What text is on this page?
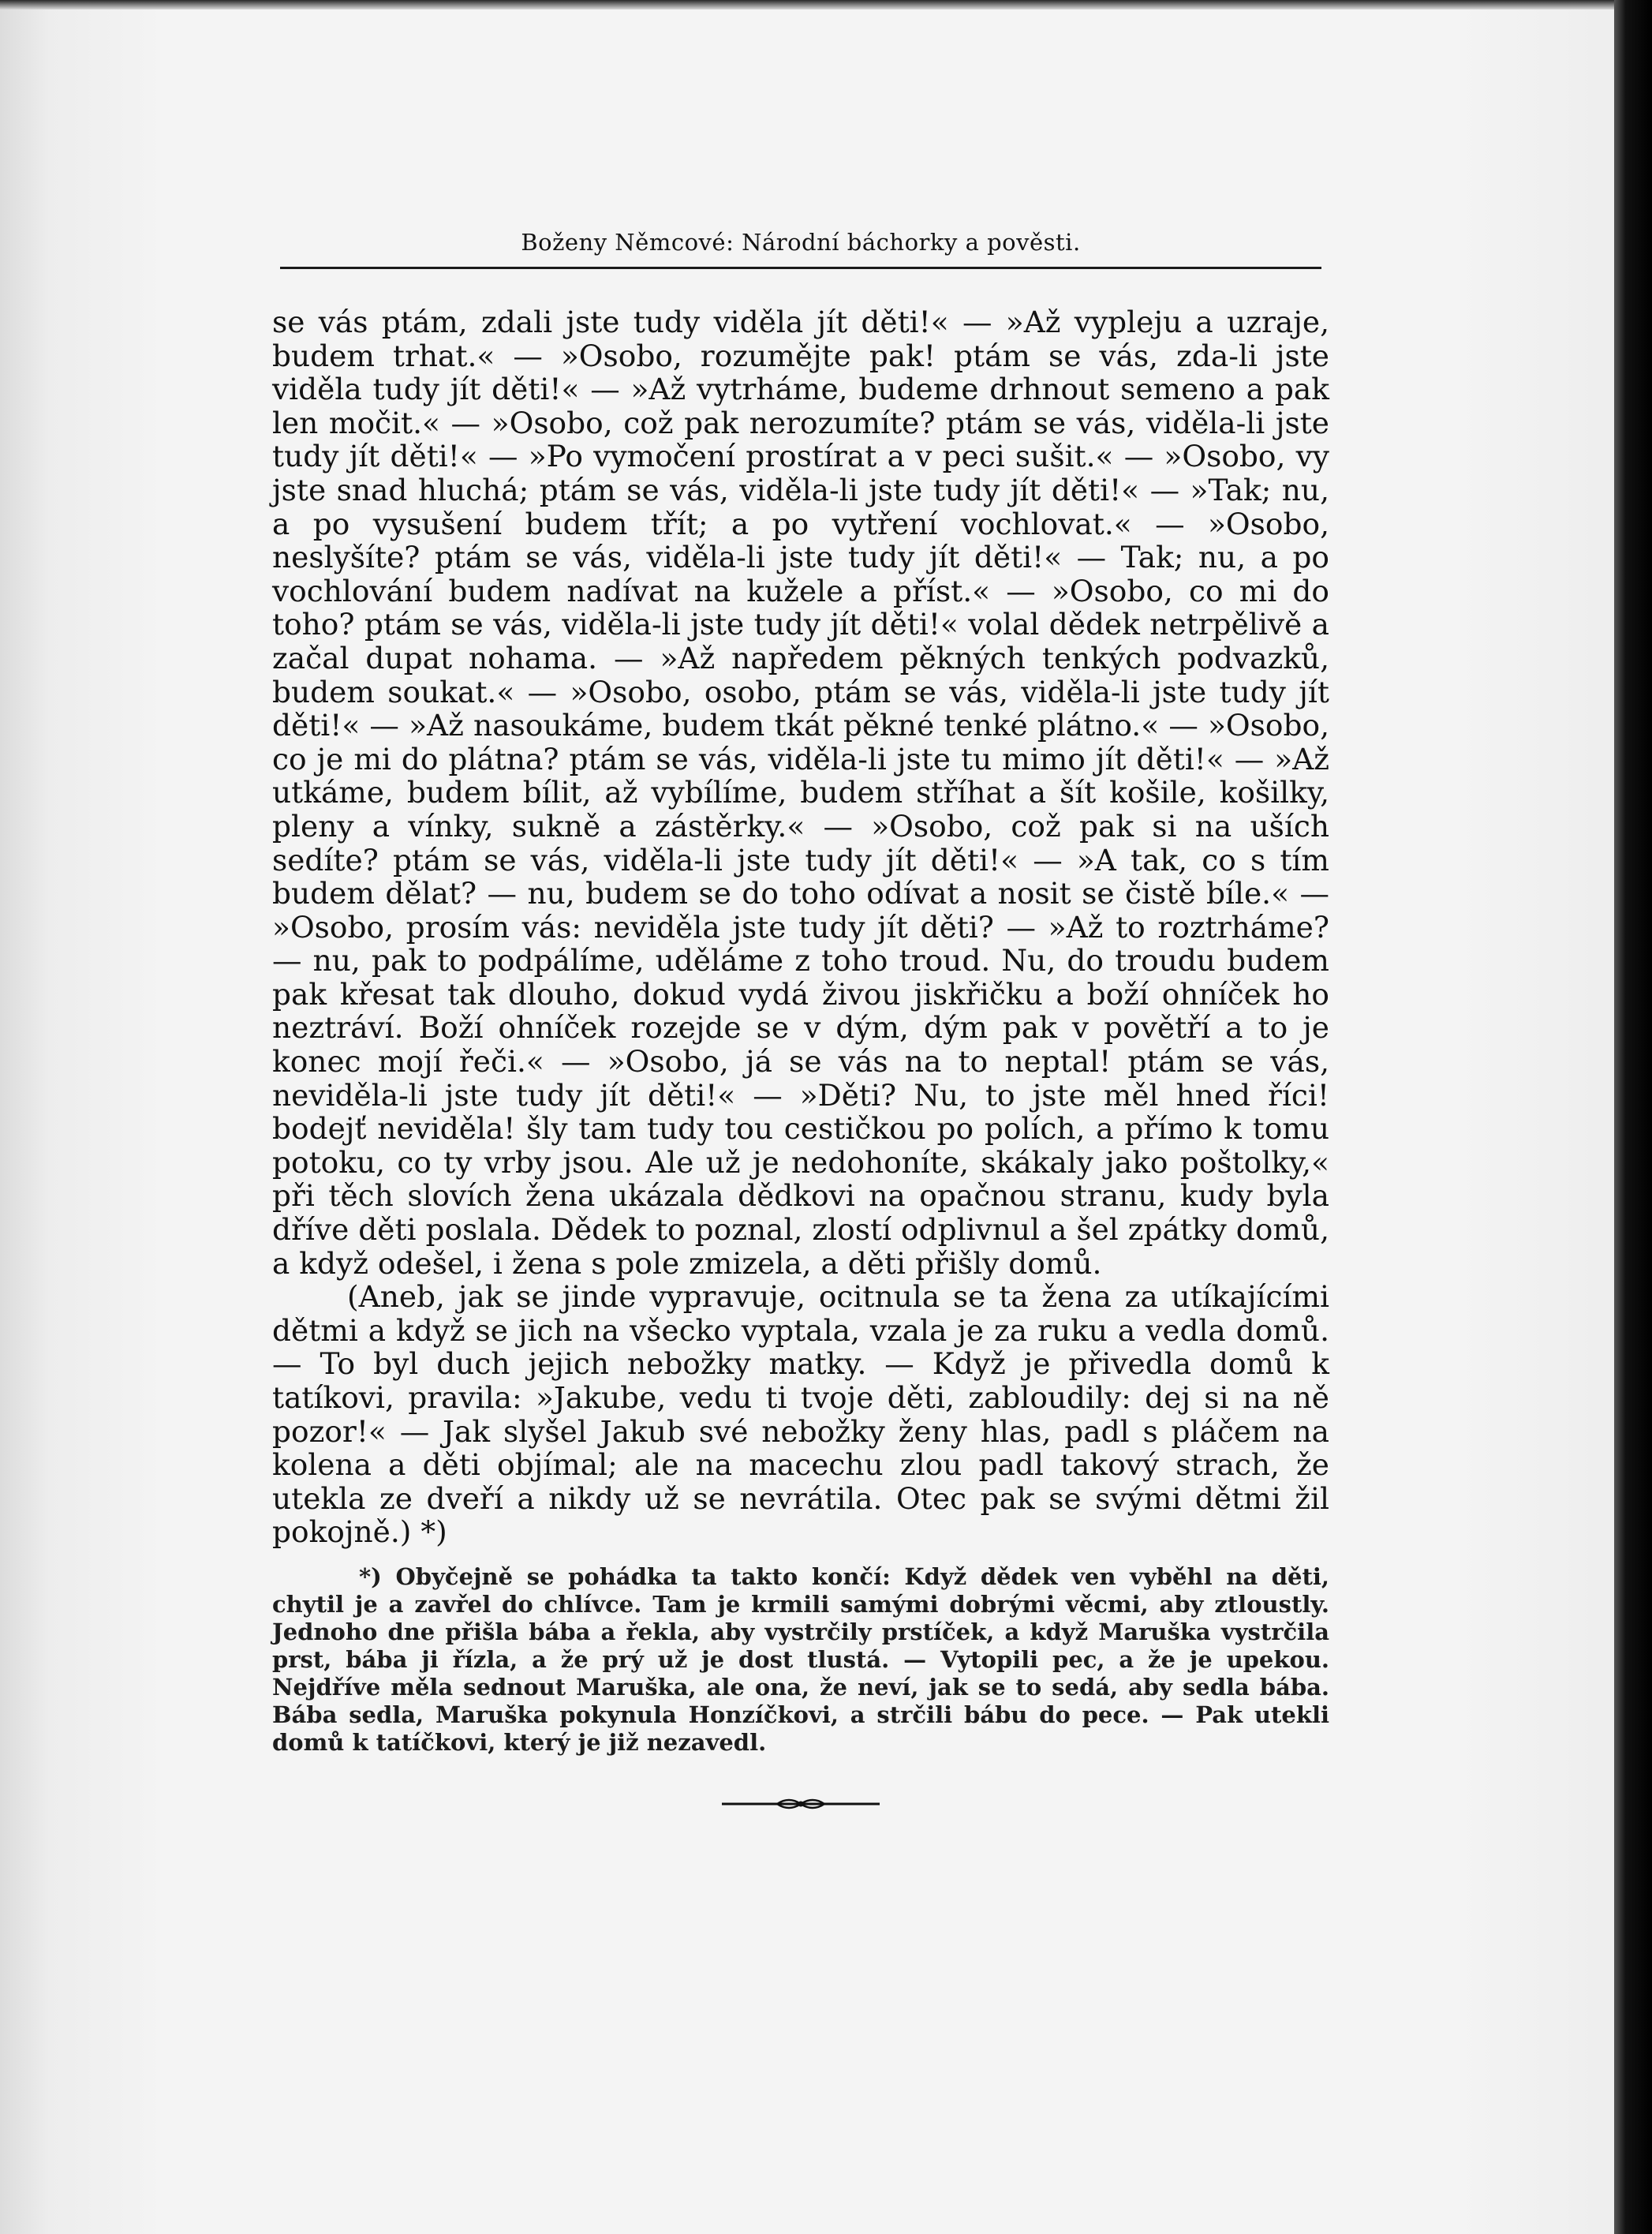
Boženy Němcové: Národní báchorky a pověsti.

se vás ptám, zdali jste tudy viděla jít děti!« — »Až vypleju a uzraje, budem trhat.« — »Osobo, rozumějte pak! ptám se vás, zda-li jste viděla tudy jít děti!« — »Až vytrháme, budeme drhnout semeno a pak len močit.« — »Osobo, což pak nerozumíte? ptám se vás, viděla-li jste tudy jít děti!« — »Po vymočení prostírat a v peci sušit.« — »Osobo, vy jste snad hluchá; ptám se vás, viděla-li jste tudy jít děti!« — »Tak; nu, a po vysušení budem třít; a po vytření vochlovat.« — »Osobo, neslyšíte? ptám se vás, viděla-li jste tudy jít děti!« — Tak; nu, a po vochlování budem nadívat na kužele a příst.« — »Osobo, co mi do toho? ptám se vás, viděla-li jste tudy jít děti!« volal dědek netrpělivě a začal dupat nohama. — »Až napředem pěkných tenkých podvazků, budem soukat.« — »Osobo, osobo, ptám se vás, viděla-li jste tudy jít děti!« — »Až nasoukáme, budem tkát pěkné tenké plátno.« — »Osobo, co je mi do plátna? ptám se vás, viděla-li jste tu mimo jít děti!« — »Až utkáme, budem bílit, až vybílíme, budem stříhat a šít košile, košilky, pleny a vínky, sukně a zástěrky.« — »Osobo, což pak si na uších sedíte? ptám se vás, viděla-li jste tudy jít děti!« — »A tak, co s tím budem dělat? — nu, budem se do toho odívat a nosit se čistě bíle.« — »Osobo, prosím vás: neviděla jste tudy jít děti? — »Až to roztrháme? — nu, pak to podpálíme, uděláme z toho troud. Nu, do troudu budem pak křesat tak dlouho, dokud vydá živou jiskřičku a boží ohníček ho neztráví. Boží ohníček rozejde se v dým, dým pak v povětří a to je konec mojí řeči.« — »Osobo, já se vás na to neptal! ptám se vás, neviděla-li jste tudy jít děti!« — »Děti? Nu, to jste měl hned říci! bodejť neviděla! šly tam tudy tou cestičkou po polích, a přímo k tomu potoku, co ty vrby jsou. Ale už je nedohoníte, skákaly jako poštolky,« při těch slovích žena ukázala dědkovi na opačnou stranu, kudy byla dříve děti poslala. Dědek to poznal, zlostí odplivnul a šel zpátky domů, a když odešel, i žena s pole zmizela, a děti přišly domů.

(Aneb, jak se jinde vypravuje, ocitnula se ta žena za utíkajícími dětmi a když se jich na všecko vyptala, vzala je za ruku a vedla domů. — To byl duch jejich nebožky matky. — Když je přivedla domů k tatíkovi, pravila: »Jakube, vedu ti tvoje děti, zabloudily: dej si na ně pozor!« — Jak slyšel Jakub své nebožky ženy hlas, padl s pláčem na kolena a děti objímal; ale na macechu zlou padl takový strach, že utekla ze dveří a nikdy už se nevrátila. Otec pak se svými dětmi žil pokojně.) *)

*) Obyčejně se pohádka ta takto končí: Když dědek ven vyběhl na děti, chytil je a zavřel do chlívce. Tam je krmili samými dobrými věcmi, aby ztloustly. Jednoho dne přišla bába a řekla, aby vystrčily prstíček, a když Maruška vystrčila prst, bába ji řízla, a že prý už je dost tlustá. — Vytopili pec, a že je upekou. Nejdříve měla sednout Maruška, ale ona, že neví, jak se to sedá, aby sedla bába. Bába sedla, Maruška pokynula Honzíčkovi, a strčili bábu do pece. — Pak utekli domů k tatíčkovi, který je již nezavedl.
